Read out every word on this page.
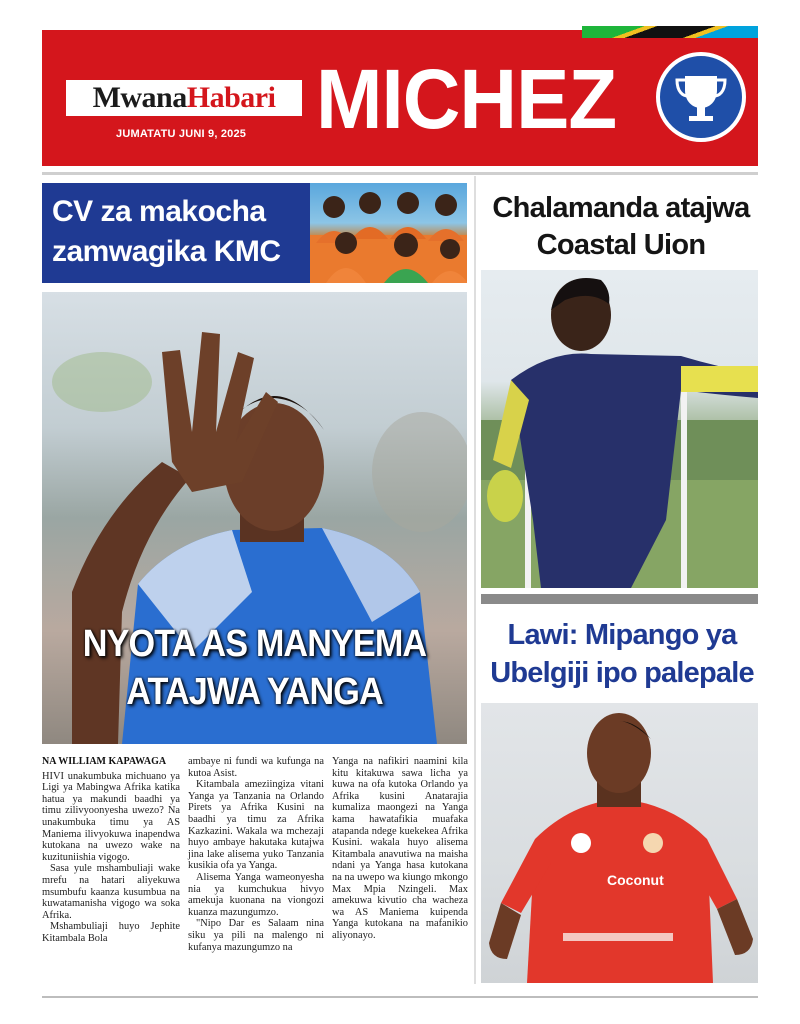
MwanaHabari
JUMATATU JUNI 9, 2025 MICHEZ
CV za makocha zamwagika KMC
NYOTA AS MANYEMA ATAJWA YANGA
Chalamanda atajwa Coastal Uion
Lawi: Mipango ya Ubelgiji ipo palepale
Coconut
NA WILLIAM KAPAWAGA

HIVI unakumbuka michuano ya Ligi ya Mabingwa Afrika katika hatua ya makundi baadhi ya timu zilivyoonyesha uwezo? Na unakumbuka timu ya AS Maniema ilivyokuwa inapendwa kutokana na uwezo wake na kuzituniishia vigogo.

Sasa yule mshambuliaji wake mrefu na hatari aliyekuwa msumbufu kaanza kusumbua na kuwatamanisha vigogo wa soka Afrika.

Mshambuliaji huyo Jephite Kitambala Bola

ambaye ni fundi wa kufunga na kutoa Asist.

Kitambala ameziingiza vitani Yanga ya Tanzania na Orlando Pirets ya Afrika Kusini na baadhi ya timu za Afrika Kazkazini. Wakala wa mchezaji huyo ambaye hakutaka kutajwa jina lake alisema yuko Tanzania kusikia ofa ya Yanga.

Alisema Yanga wameonyesha nia ya kumchukua hivyo amekuja kuonana na viongozi kuanza mazungumzo.

"Nipo Dar es Salaam nina siku ya pili na malengo ni kufanya mazungumzo na

Yanga na nafikiri naamini kila kitu kitakuwa sawa licha ya kuwa na ofa kutoka Orlando ya Afrika kusini Anatarajia kumaliza maongezi na Yanga kama hawatafikia muafaka atapanda ndege kuekekea Afrika Kusini. wakala huyo alisema Kitambala anavutiwa na maisha ndani ya Yanga hasa kutokana na na uwepo wa kiungo mkongo Max Mpia Nzingeli. Max amekuwa kivutio cha wacheza wa AS Maniema kuipenda Yanga kutokana na mafanikio aliyonayo.
